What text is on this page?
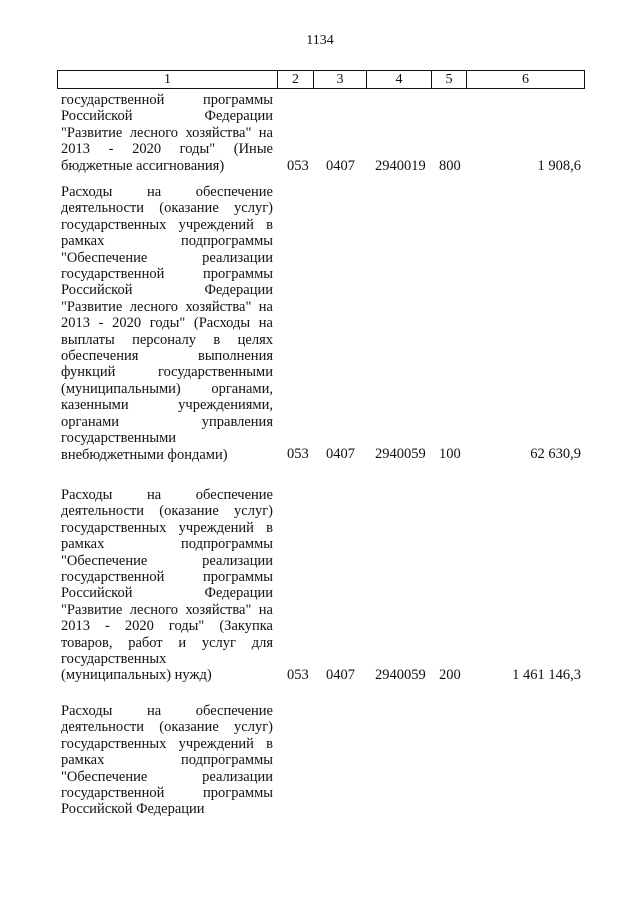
1134
1	2	3	4	5	6
государственной программы
Российской Федерации
"Развитие лесного хозяйства" на
2013 - 2020 годы" (Иные
бюджетные ассигнования)	053 0407 2940019 800	1 908,6
Расходы на обеспечение
деятельности (оказание услуг)
государственных учреждений в
рамках подпрограммы
"Обеспечение реализации
государственной программы
Российской Федерации
"Развитие лесного хозяйства" на
2013 - 2020 годы" (Расходы на
выплаты персоналу в целях
обеспечения выполнения
функций государственными
(муниципальными) органами,
казенными учреждениями,
органами управления
государственными
внебюджетными фондами)	053 0407 2940059 100	62 630,9
Расходы на обеспечение
деятельности (оказание услуг)
государственных учреждений в
рамках подпрограммы
"Обеспечение реализации
государственной программы
Российской Федерации
"Развитие лесного хозяйства" на
2013 - 2020 годы" (Закупка
товаров, работ и услуг для
государственных
(муниципальных) нужд)	053 0407 2940059 200	1 461 146,3
Расходы на обеспечение
деятельности (оказание услуг)
государственных учреждений в
рамках подпрограммы
"Обеспечение реализации
государственной программы
Российской Федерации
